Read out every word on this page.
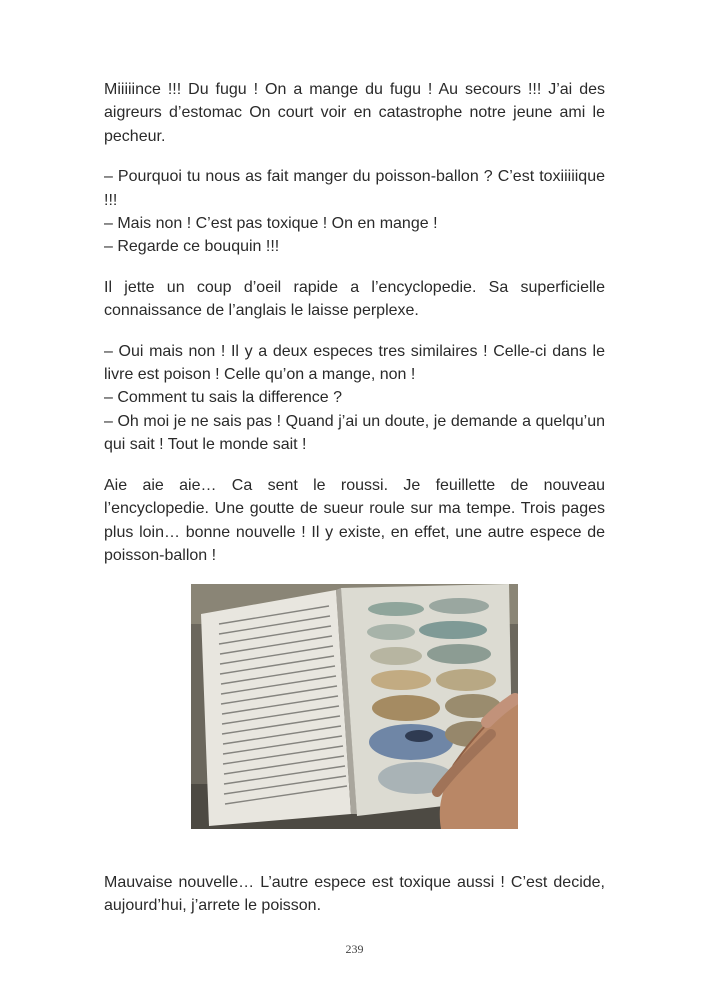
Miiiiince !!! Du fugu ! On a mange du fugu ! Au secours !!! J’ai des aigreurs d’estomac On court voir en catastrophe notre jeune ami le pecheur.

– Pourquoi tu nous as fait manger du poisson-ballon ? C’est toxiiiiique !!!
– Mais non ! C’est pas toxique ! On en mange !
– Regarde ce bouquin !!!

Il jette un coup d’oeil rapide a l’encyclopedie. Sa superficielle connaissance de l’anglais le laisse perplexe.

– Oui mais non ! Il y a deux especes tres similaires ! Celle-ci dans le livre est poison ! Celle qu’on a mange, non !
– Comment tu sais la difference ?
– Oh moi je ne sais pas ! Quand j’ai un doute, je demande a quelqu’un qui sait ! Tout le monde sait !

Aie aie aie… Ca sent le roussi. Je feuillette de nouveau l’encyclopedie. Une goutte de sueur roule sur ma tempe. Trois pages plus loin… bonne nouvelle ! Il y existe, en effet, une autre espece de poisson-ballon !

Mauvaise nouvelle… L’autre espece est toxique aussi ! C’est decide, aujourd’hui, j’arrete le poisson.
239
